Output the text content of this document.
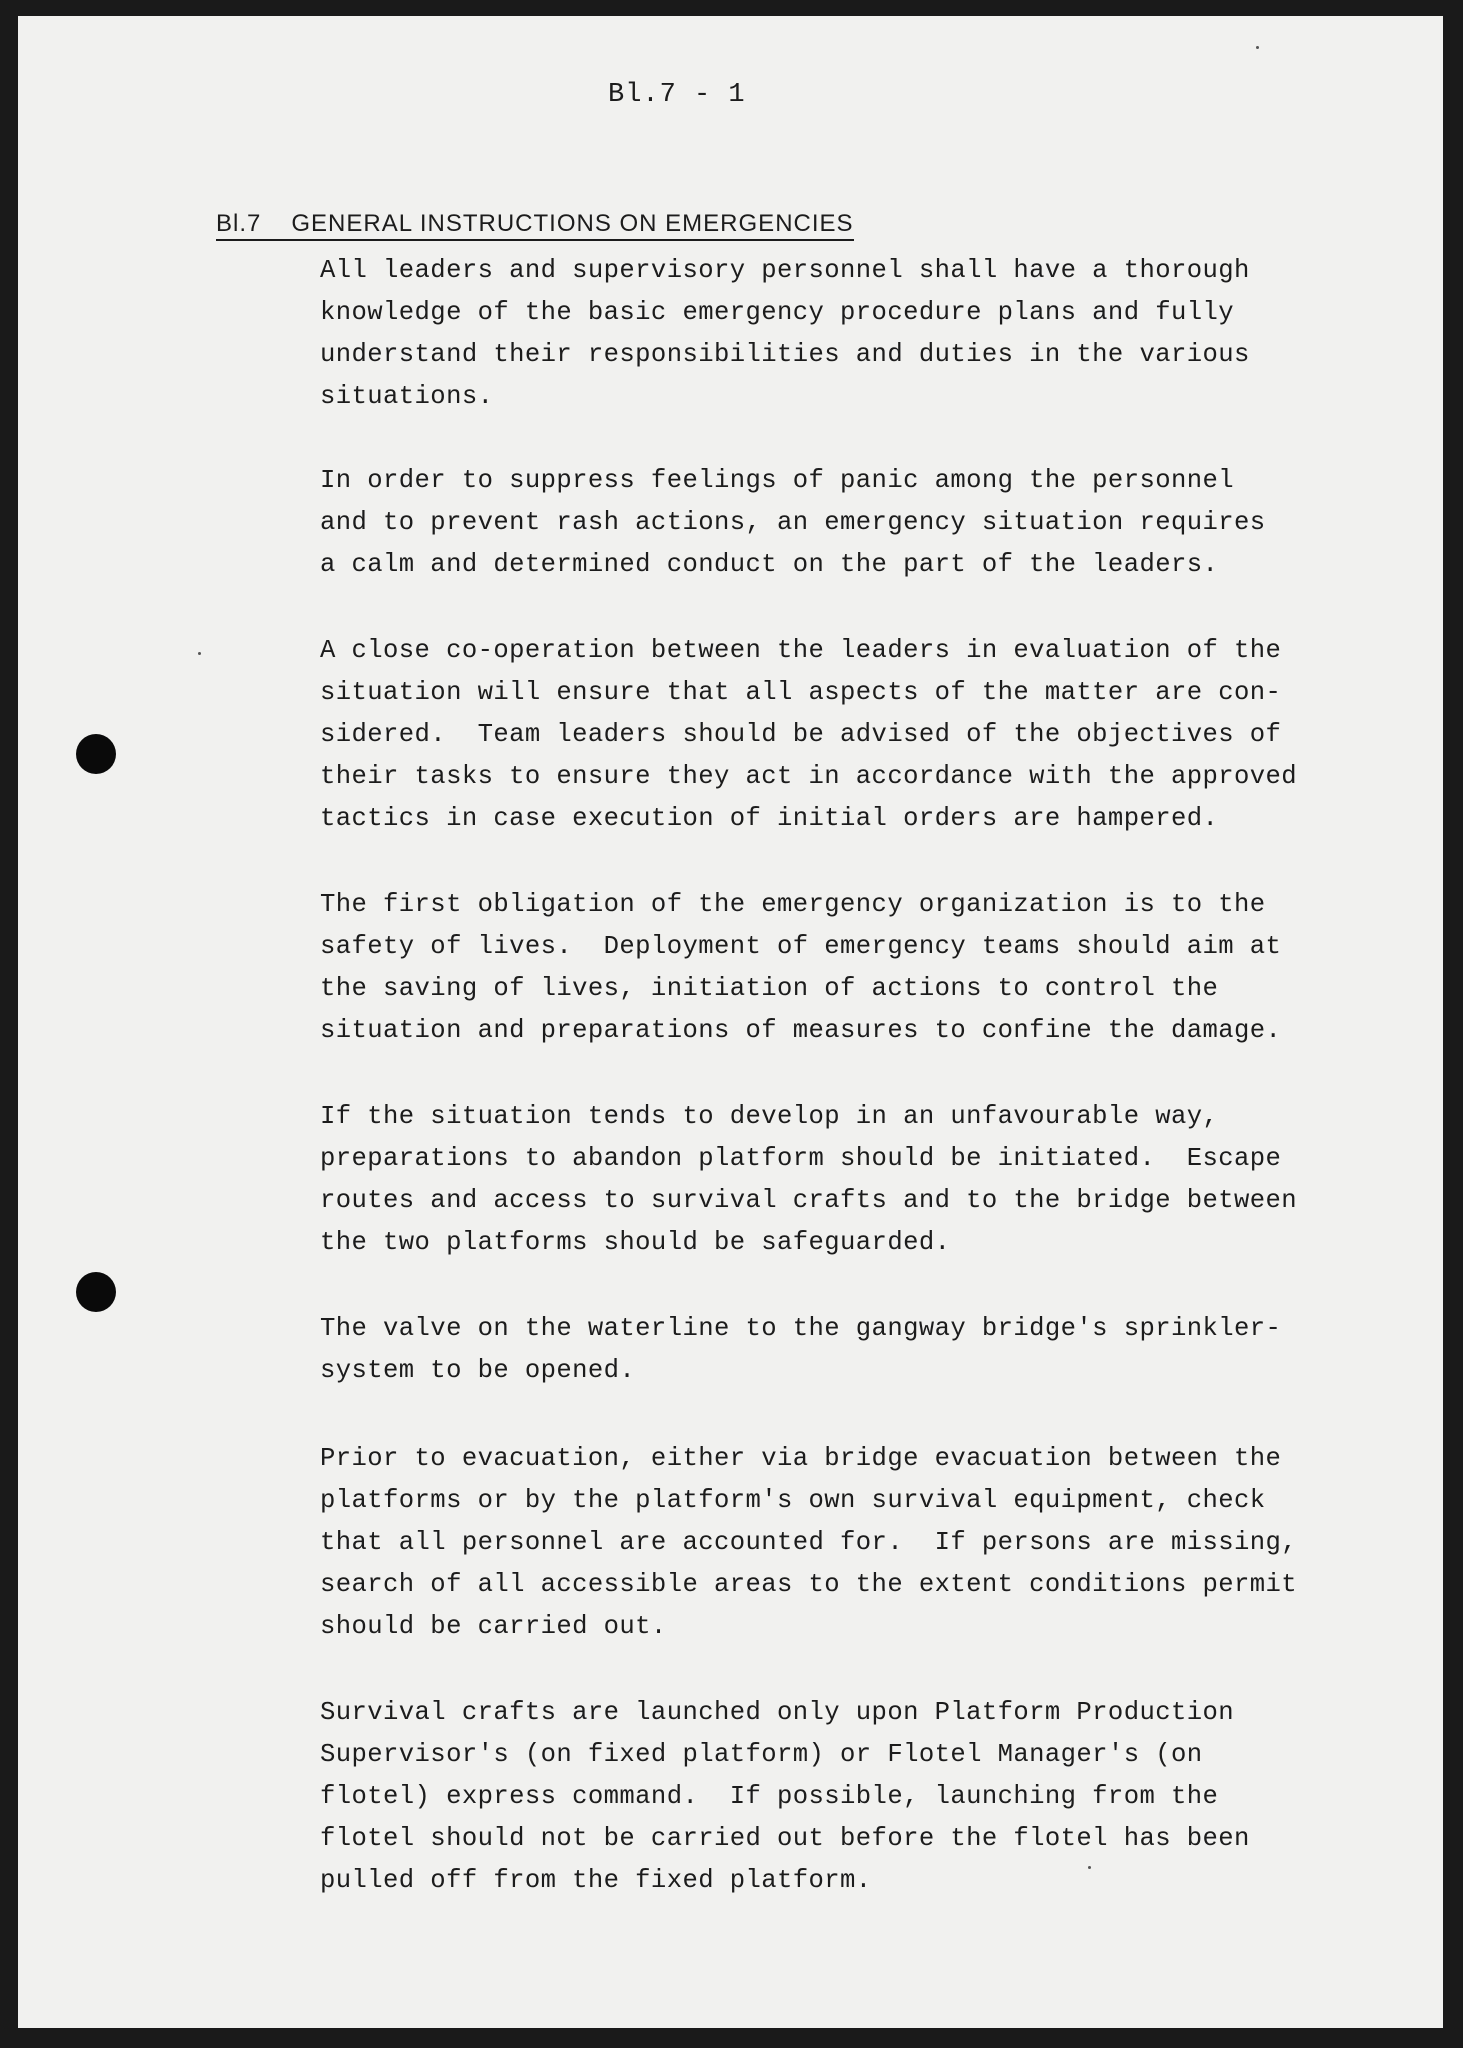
Bl.7 - 1
Bl.7 GENERAL INSTRUCTIONS ON EMERGENCIES
All leaders and supervisory personnel shall have a thorough
knowledge of the basic emergency procedure plans and fully
understand their responsibilities and duties in the various
situations.
In order to suppress feelings of panic among the personnel
and to prevent rash actions, an emergency situation requires
a calm and determined conduct on the part of the leaders.
A close co-operation between the leaders in evaluation of the
situation will ensure that all aspects of the matter are con-
sidered.  Team leaders should be advised of the objectives of
their tasks to ensure they act in accordance with the approved
tactics in case execution of initial orders are hampered.
The first obligation of the emergency organization is to the
safety of lives.  Deployment of emergency teams should aim at
the saving of lives, initiation of actions to control the
situation and preparations of measures to confine the damage.
If the situation tends to develop in an unfavourable way,
preparations to abandon platform should be initiated.  Escape
routes and access to survival crafts and to the bridge between
the two platforms should be safeguarded.
The valve on the waterline to the gangway bridge's sprinkler-
system to be opened.
Prior to evacuation, either via bridge evacuation between the
platforms or by the platform's own survival equipment, check
that all personnel are accounted for.  If persons are missing,
search of all accessible areas to the extent conditions permit
should be carried out.
Survival crafts are launched only upon Platform Production
Supervisor's (on fixed platform) or Flotel Manager's (on
flotel) express command.  If possible, launching from the
flotel should not be carried out before the flotel has been
pulled off from the fixed platform.
